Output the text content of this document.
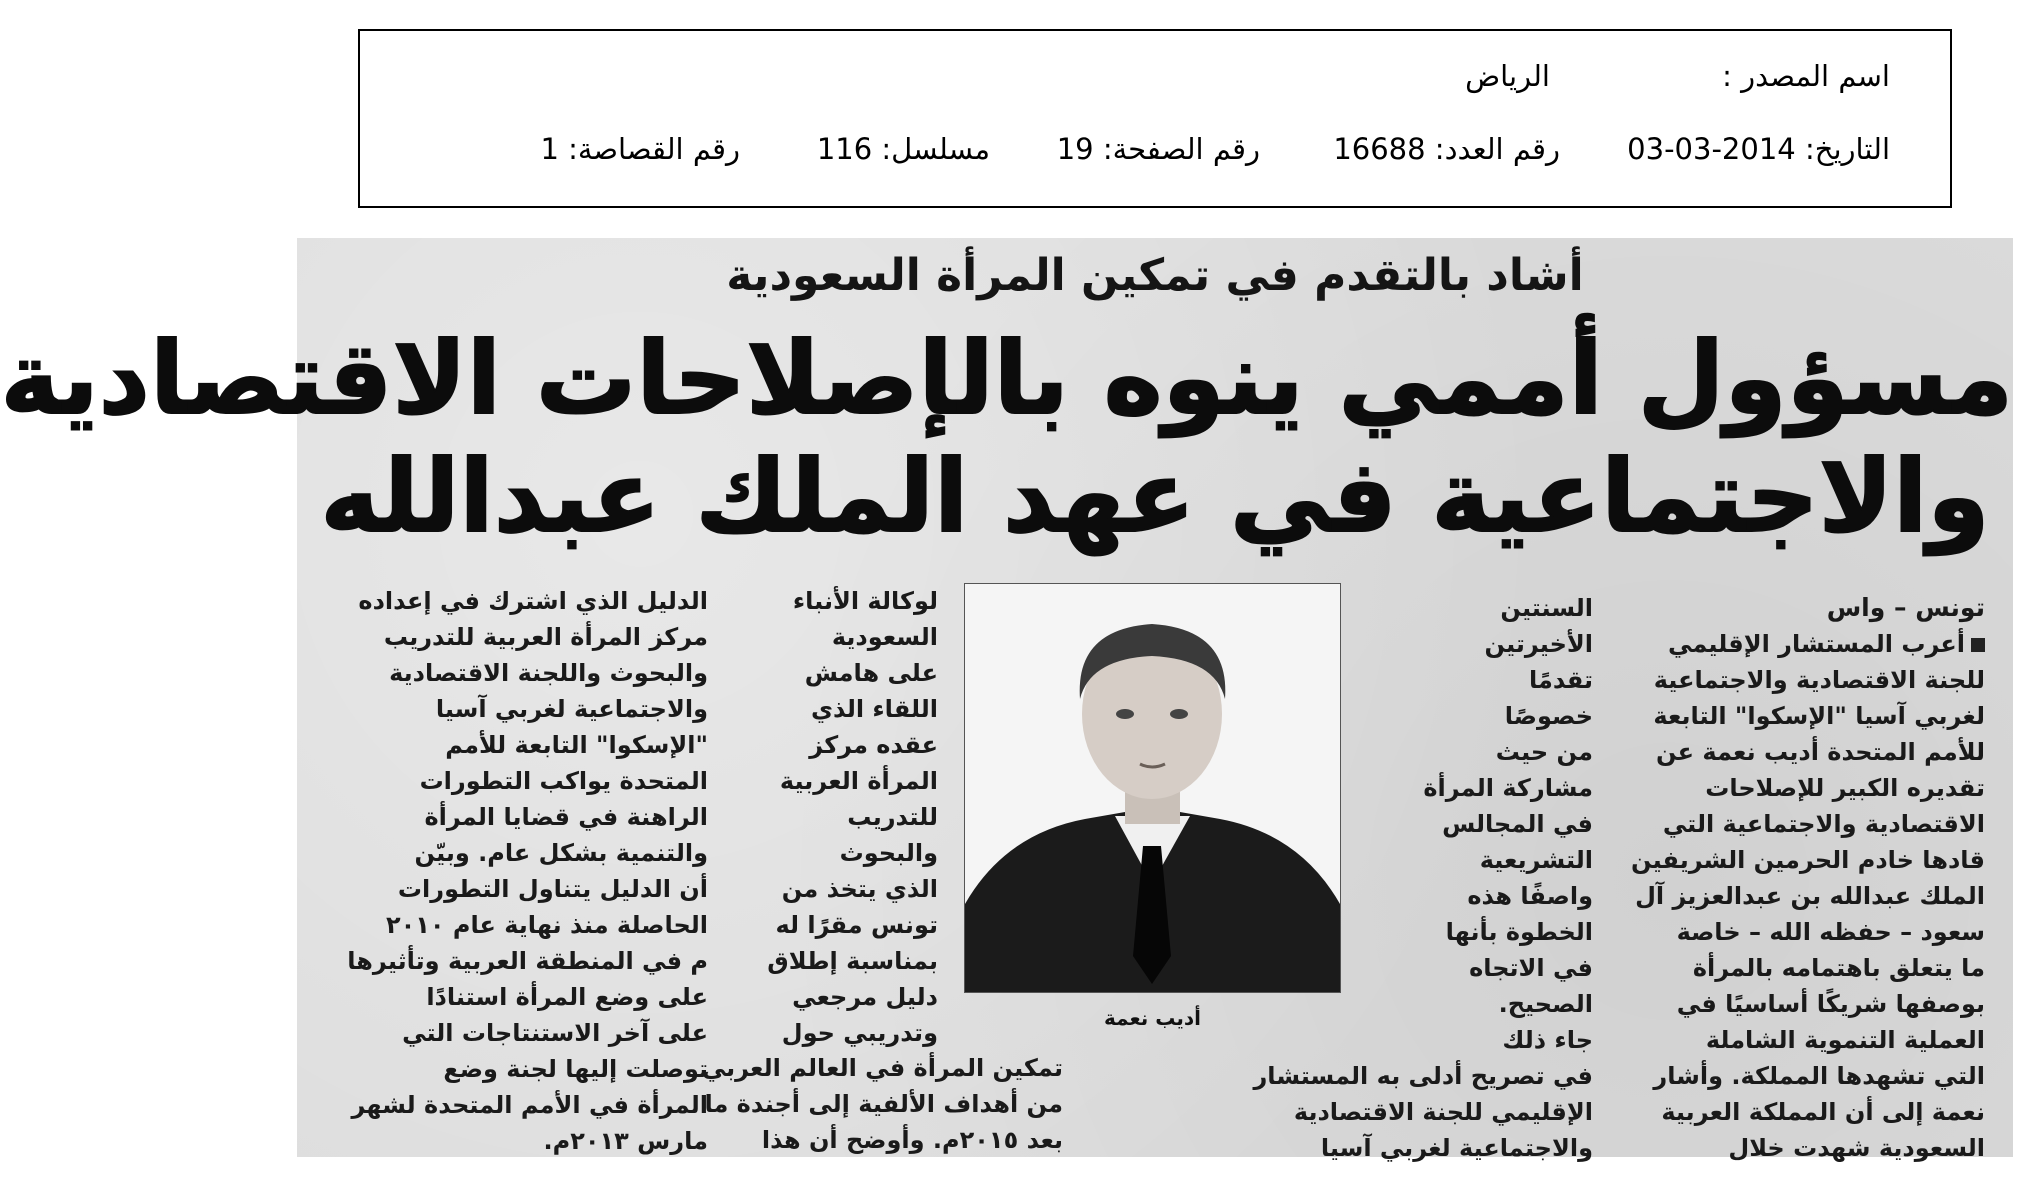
اسم المصدر :
الرياض
التاريخ: 2014-03-03
رقم العدد: 16688
رقم الصفحة: 19
مسلسل: 116
رقم القصاصة: 1
أشاد بالتقدم في تمكين المرأة السعودية
مسؤول أممي ينوه بالإصلاحات الاقتصادية
والاجتماعية في عهد الملك عبدالله
تونس – واس
أعرب المستشار الإقليمي
للجنة الاقتصادية والاجتماعية
لغربي آسيا "الإسكوا" التابعة
للأمم المتحدة أديب نعمة عن
تقديره الكبير للإصلاحات
الاقتصادية والاجتماعية التي
قادها خادم الحرمين الشريفين
الملك عبدالله بن عبدالعزيز آل
سعود – حفظه الله – خاصة
ما يتعلق باهتمامه بالمرأة
بوصفها شريكًا أساسيًا في
العملية التنموية الشاملة
التي تشهدها المملكة. وأشار
نعمة إلى أن المملكة العربية
السعودية شهدت خلال
السنتين
الأخيرتين
تقدمًا
خصوصًا
من حيث
مشاركة المرأة
في المجالس
التشريعية
واصفًا هذه
الخطوة بأنها
في الاتجاه
الصحيح.
جاء ذلك
في تصريح أدلى به المستشار
الإقليمي للجنة الاقتصادية
والاجتماعية لغربي آسيا
أديب نعمة
لوكالة الأنباء
السعودية
على هامش
اللقاء الذي
عقده مركز
المرأة العربية
للتدريب
والبحوث
الذي يتخذ من
تونس مقرًا له
بمناسبة إطلاق
دليل مرجعي
وتدريبي حول
تمكين المرأة في العالم العربي
من أهداف الألفية إلى أجندة ما
بعد ٢٠١٥م. وأوضح أن هذا
الدليل الذي اشترك في إعداده
مركز المرأة العربية للتدريب
والبحوث واللجنة الاقتصادية
والاجتماعية لغربي آسيا
"الإسكوا" التابعة للأمم
المتحدة يواكب التطورات
الراهنة في قضايا المرأة
والتنمية بشكل عام. وبيّن
أن الدليل يتناول التطورات
الحاصلة منذ نهاية عام ٢٠١٠
م في المنطقة العربية وتأثيرها
على وضع المرأة استنادًا
على آخر الاستنتاجات التي
توصلت إليها لجنة وضع
المرأة في الأمم المتحدة لشهر
مارس ٢٠١٣م.
